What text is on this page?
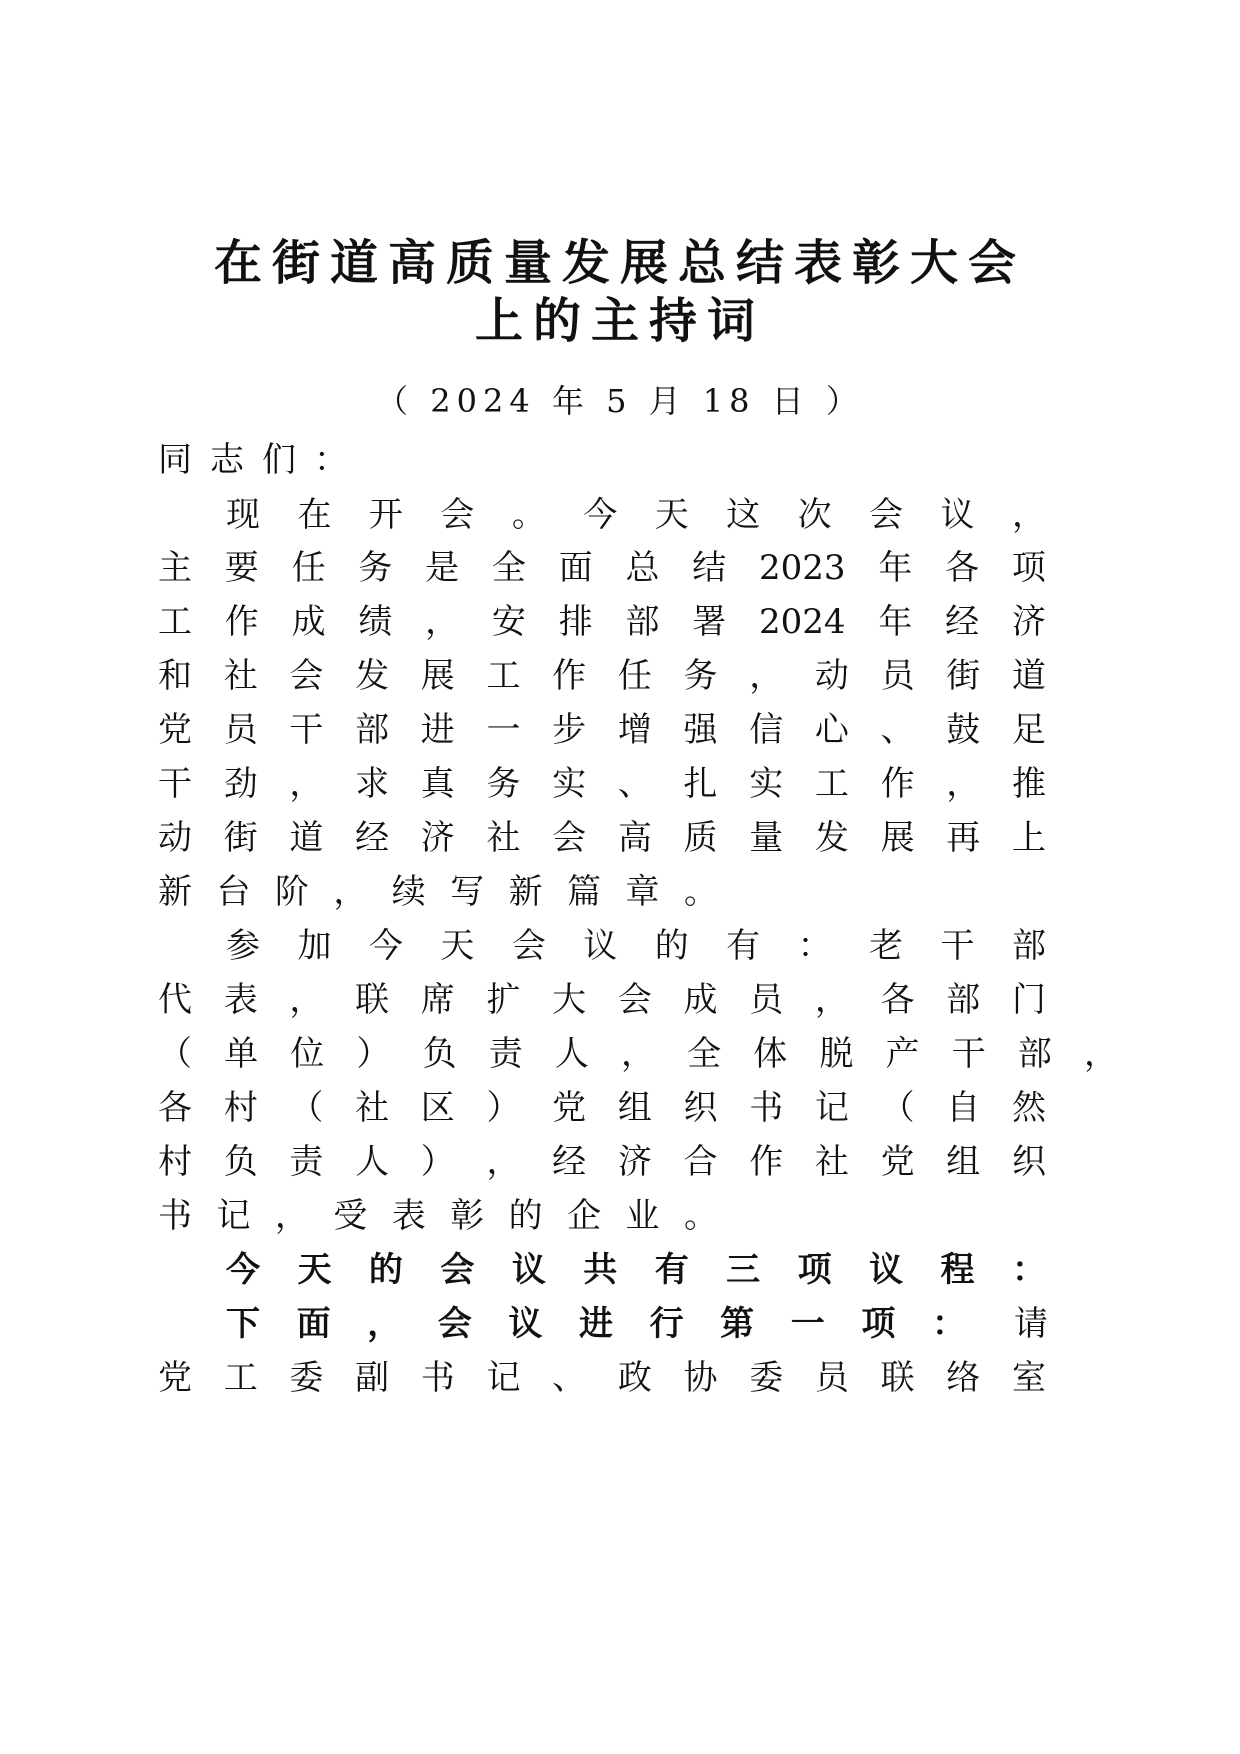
在街道高质量发展总结表彰大会
上的主持词
（ 2024 年 5 月 18 日 ）
同 志 们 ：
现 在 开 会 。 今 天 这 次 会 议 ，
主 要 任 务 是 全 面 总 结 2023 年 各 项
工 作 成 绩 ， 安 排 部 署 2024 年 经 济
和 社 会 发 展 工 作 任 务 ， 动 员 街 道
党 员 干 部 进 一 步 增 强 信 心 、 鼓 足
干 劲 ， 求 真 务 实 、 扎 实 工 作 ， 推
动 街 道 经 济 社 会 高 质 量 发 展 再 上
新 台 阶 ， 续 写 新 篇 章 。
参 加 今 天 会 议 的 有 ： 老 干 部
代 表 ， 联 席 扩 大 会 成 员 ， 各 部 门
（ 单 位 ） 负 责 人 ， 全 体 脱 产 干 部 ，
各 村 （ 社 区 ） 党 组 织 书 记 （ 自 然
村 负 责 人 ） ， 经 济 合 作 社 党 组 织
书 记 ， 受 表 彰 的 企 业 。
今 天 的 会 议 共 有 三 项 议 程 ：
下 面 ， 会 议 进 行 第 一 项 ： 请
党 工 委 副 书 记 、 政 协 委 员 联 络 室
